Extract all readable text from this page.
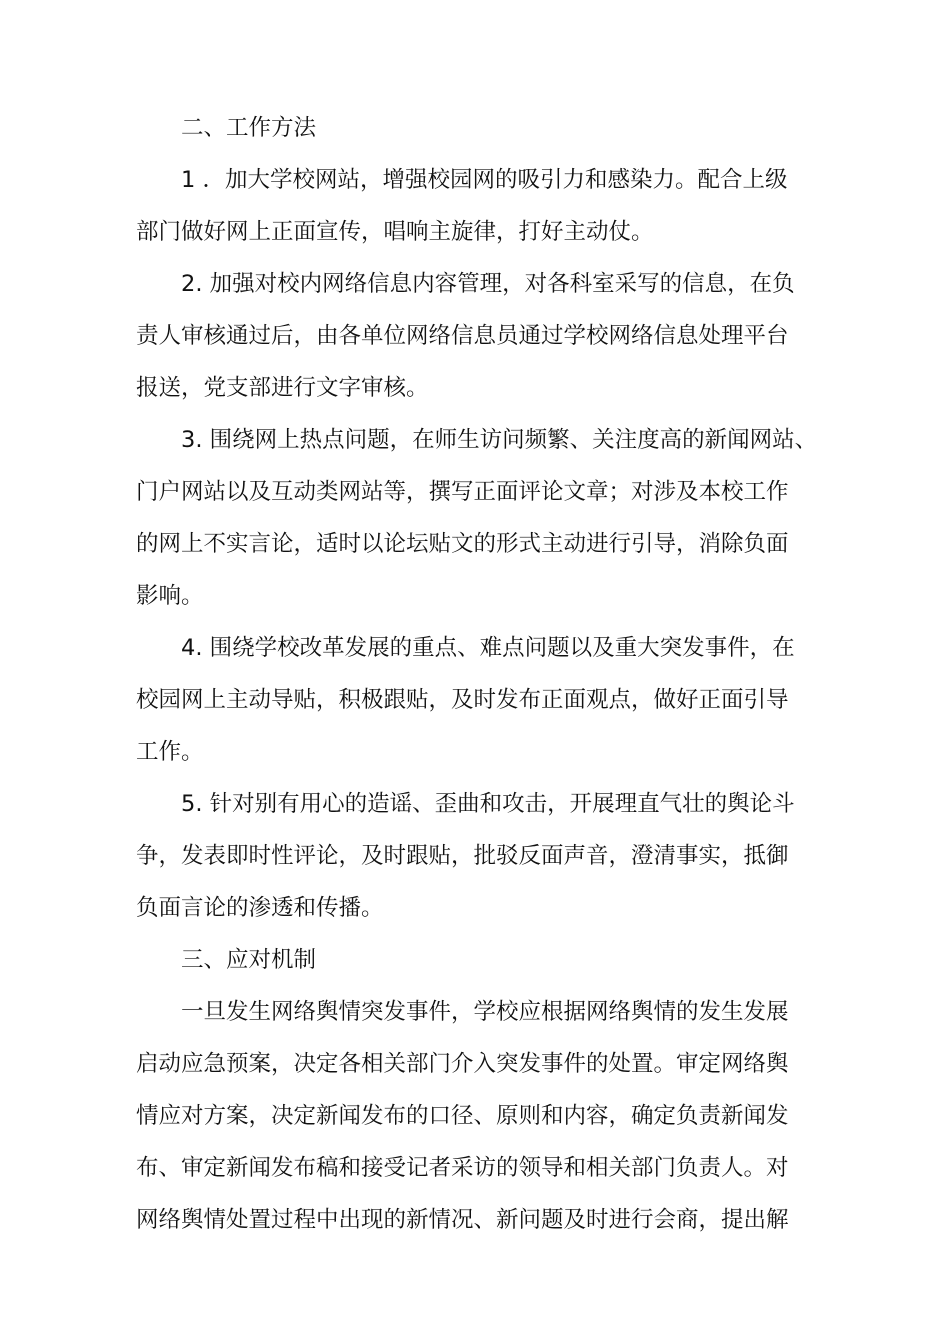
二、工作方法
1 ．加大学校网站，增强校园网的吸引力和感染力。配合上级
部门做好网上正面宣传，唱响主旋律，打好主动仗。
2. 加强对校内网络信息内容管理，对各科室采写的信息，在负
责人审核通过后，由各单位网络信息员通过学校网络信息处理平台
报送，党支部进行文字审核。
3. 围绕网上热点问题，在师生访问频繁、关注度高的新闻网站、
门户网站以及互动类网站等，撰写正面评论文章；对涉及本校工作
的网上不实言论，适时以论坛贴文的形式主动进行引导，消除负面
影响。
4. 围绕学校改革发展的重点、难点问题以及重大突发事件，在
校园网上主动导贴，积极跟贴，及时发布正面观点，做好正面引导
工作。
5. 针对别有用心的造谣、歪曲和攻击，开展理直气壮的舆论斗
争，发表即时性评论，及时跟贴，批驳反面声音，澄清事实，抵御
负面言论的渗透和传播。
三、应对机制
一旦发生网络舆情突发事件，学校应根据网络舆情的发生发展
启动应急预案，决定各相关部门介入突发事件的处置。审定网络舆
情应对方案，决定新闻发布的口径、原则和内容，确定负责新闻发
布、审定新闻发布稿和接受记者采访的领导和相关部门负责人。对
网络舆情处置过程中出现的新情况、新问题及时进行会商，提出解
